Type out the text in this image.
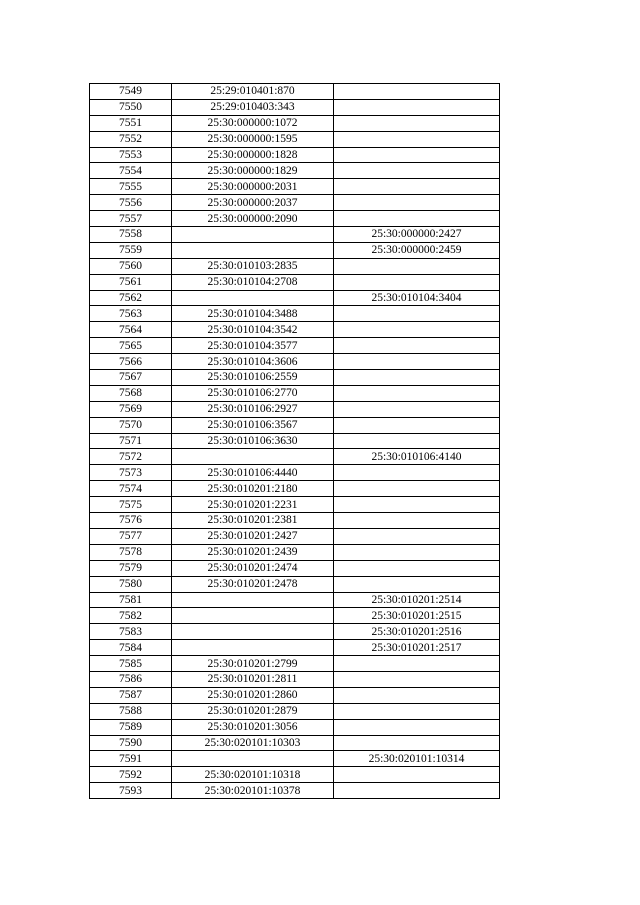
7549	25:29:010401:870	
7550	25:29:010403:343	
7551	25:30:000000:1072	
7552	25:30:000000:1595	
7553	25:30:000000:1828	
7554	25:30:000000:1829	
7555	25:30:000000:2031	
7556	25:30:000000:2037	
7557	25:30:000000:2090	
7558		25:30:000000:2427
7559		25:30:000000:2459
7560	25:30:010103:2835	
7561	25:30:010104:2708	
7562		25:30:010104:3404
7563	25:30:010104:3488	
7564	25:30:010104:3542	
7565	25:30:010104:3577	
7566	25:30:010104:3606	
7567	25:30:010106:2559	
7568	25:30:010106:2770	
7569	25:30:010106:2927	
7570	25:30:010106:3567	
7571	25:30:010106:3630	
7572		25:30:010106:4140
7573	25:30:010106:4440	
7574	25:30:010201:2180	
7575	25:30:010201:2231	
7576	25:30:010201:2381	
7577	25:30:010201:2427	
7578	25:30:010201:2439	
7579	25:30:010201:2474	
7580	25:30:010201:2478	
7581		25:30:010201:2514
7582		25:30:010201:2515
7583		25:30:010201:2516
7584		25:30:010201:2517
7585	25:30:010201:2799	
7586	25:30:010201:2811	
7587	25:30:010201:2860	
7588	25:30:010201:2879	
7589	25:30:010201:3056	
7590	25:30:020101:10303	
7591		25:30:020101:10314
7592	25:30:020101:10318	
7593	25:30:020101:10378	
